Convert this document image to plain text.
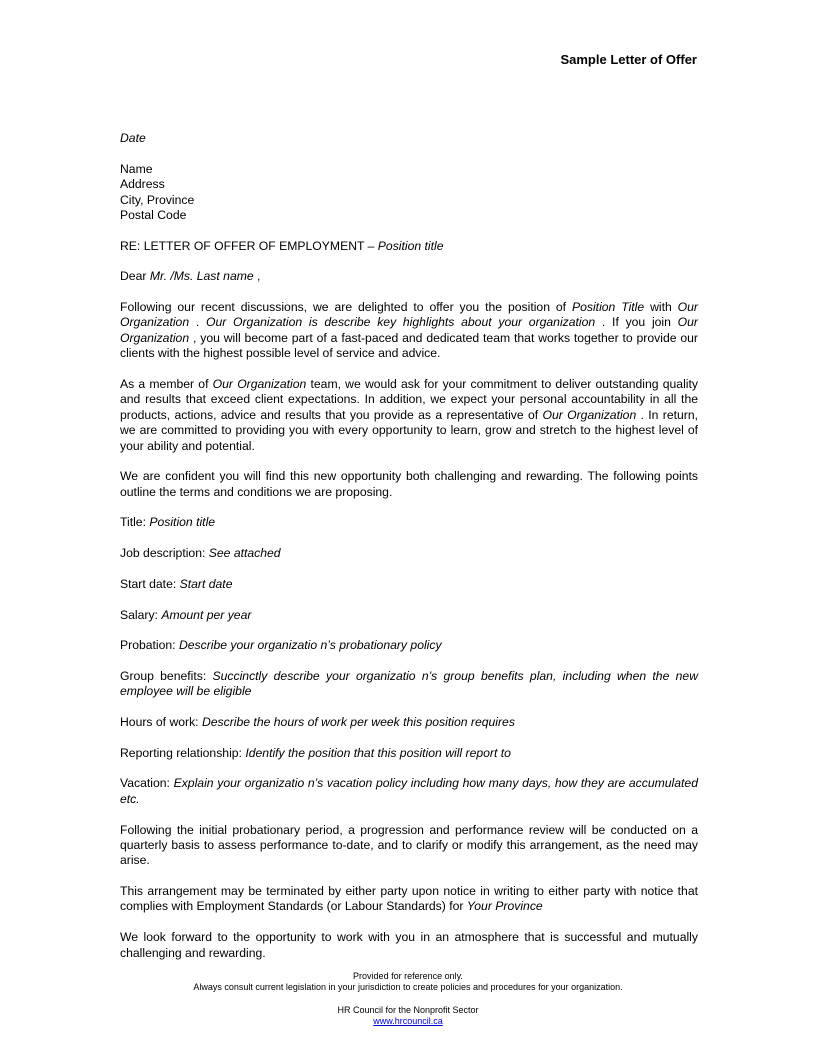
Sample Letter of Offer

Date

Name
Address
City, Province
Postal Code

RE: LETTER OF OFFER OF EMPLOYMENT – Position title

Dear Mr. /Ms. Last name ,

Following our recent discussions, we are delighted to offer you the position of Position Title with Our Organization . Our Organization is describe key highlights about your organization . If you join Our Organization , you will become part of a fast-paced and dedicated team that works together to provide our clients with the highest possible level of service and advice.

As a member of Our Organization team, we would ask for your commitment to deliver outstanding quality and results that exceed client expectations. In addition, we expect your personal accountability in all the products, actions, advice and results that you provide as a representative of Our Organization . In return, we are committed to providing you with every opportunity to learn, grow and stretch to the highest level of your ability and potential.

We are confident you will find this new opportunity both challenging and rewarding. The following points outline the terms and conditions we are proposing.

Title: Position title

Job description: See attached

Start date: Start date

Salary: Amount per year

Probation: Describe your organizatio n’s probationary policy

Group benefits: Succinctly describe your organizatio n’s group benefits plan, including when the new employee will be eligible

Hours of work: Describe the hours of work per week this position requires

Reporting relationship: Identify the position that this position will report to

Vacation: Explain your organizatio n’s vacation policy including how many days, how they are accumulated etc.

Following the initial probationary period, a progression and performance review will be conducted on a quarterly basis to assess performance to-date, and to clarify or modify this arrangement, as the need may arise.

This arrangement may be terminated by either party upon notice in writing to either party with notice that complies with Employment Standards (or Labour Standards) for Your Province

We look forward to the opportunity to work with you in an atmosphere that is successful and mutually challenging and rewarding.

Provided for reference only.
Always consult current legislation in your jurisdiction to create policies and procedures for your organization.
HR Council for the Nonprofit Sector
www.hrcouncil.ca
